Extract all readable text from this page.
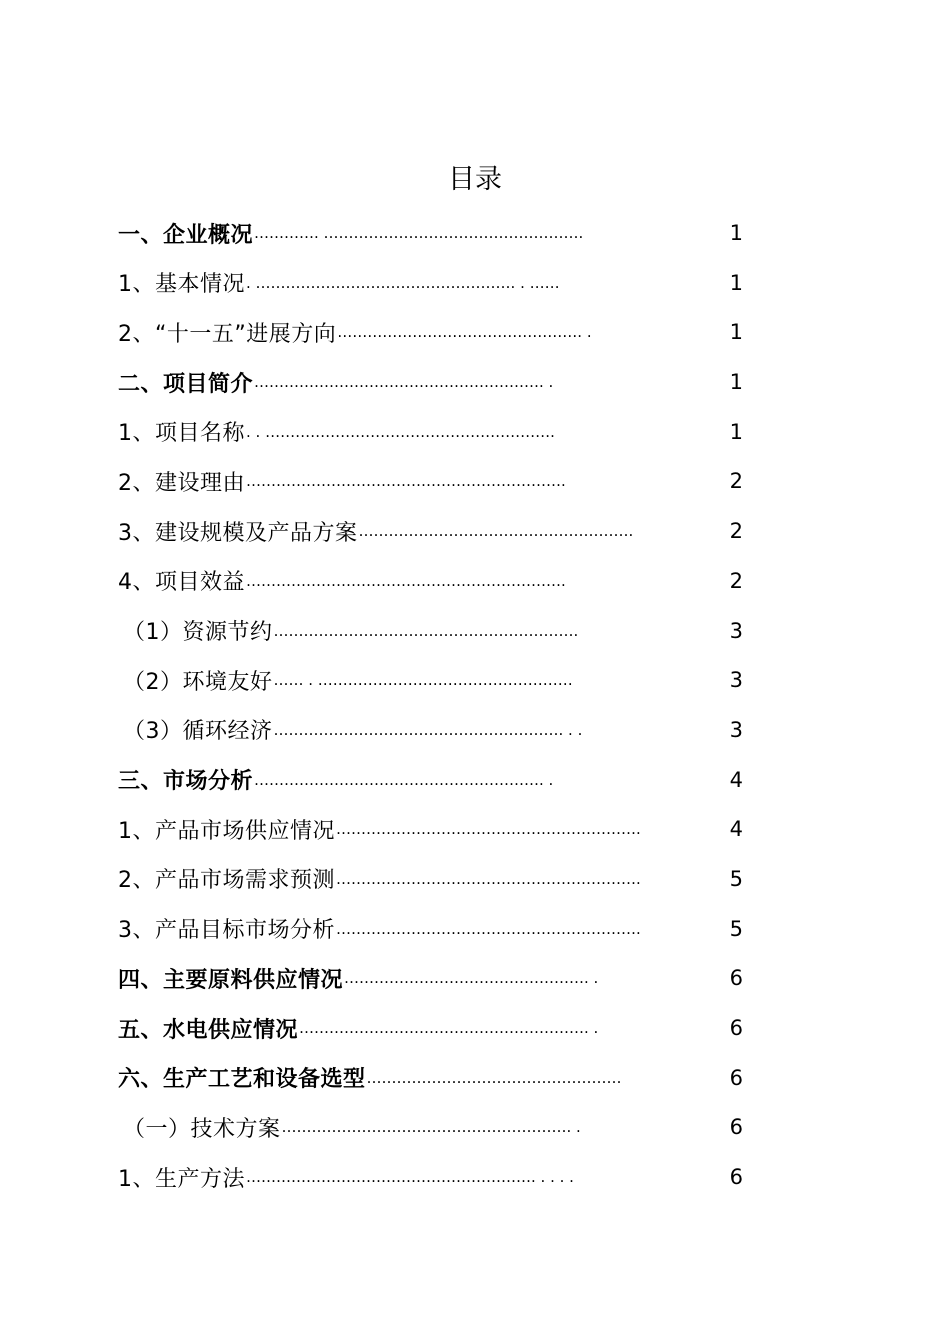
目录
一、企业概况 …………. …………………………………………….	1
1、基本情况 . ……………………………………………. . ……	1
2、“十一五”进展方向 …………………………………………. .	1
二、项目简介 …………………………………………………. .	1
1、项目名称 . . ………………………………………………….	1
2、建设理由 ……………………………………………………….	2
3、建设规模及产品方案 ……………………………………………….	2
4、项目效益 ……………………………………………………….	2
（1）资源节约 …………………………………………………….	3
（2）环境友好 …… . ……………………………………………	3
（3）循环经济 …………………………………………………. . .	3
三、市场分析 …………………………………………………. .	4
1、产品市场供应情况 …………………………………………………….	4
2、产品市场需求预测 …………………………………………………….	5
3、产品目标市场分析 …………………………………………………….	5
四、主要原料供应情况 …………………………………………. .	6
五、水电供应情况 …………………………………………………. .	6
六、生产工艺和设备选型 ……………………………………………	6
（一）技术方案 …………………………………………………. .	6
1、生产方法 …………………………………………………. . . . .	6
